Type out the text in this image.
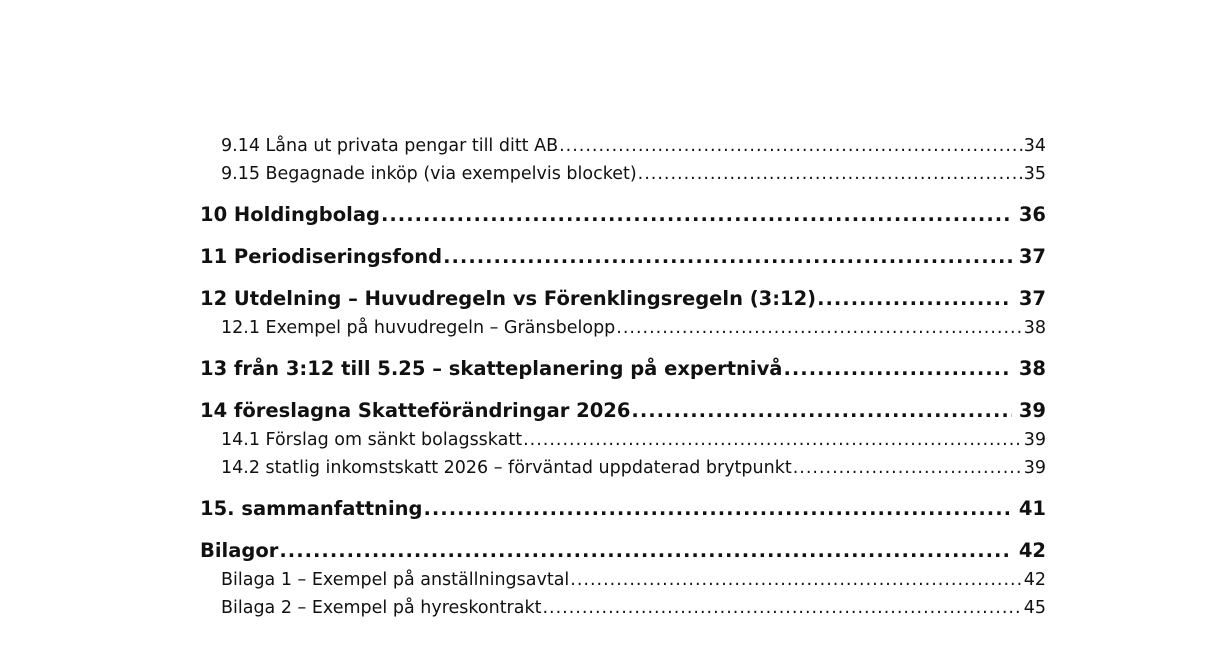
9.14 Låna ut privata pengar till ditt AB .....	34
9.15 Begagnade inköp (via exempelvis blocket) .....	35
10 Holdingbolag .....	36
11 Periodiseringsfond .....	37
12 Utdelning – Huvudregeln vs Förenklingsregeln (3:12) .....	37
12.1 Exempel på huvudregeln – Gränsbelopp .....	38
13 från 3:12 till 5.25 – skatteplanering på expertnivå .....	38
14 föreslagna Skatteförändringar 2026 .....	39
14.1 Förslag om sänkt bolagsskatt .....	39
14.2 statlig inkomstskatt 2026 – förväntad uppdaterad brytpunkt .....	39
15. sammanfattning .....	41
Bilagor .....	42
Bilaga 1 – Exempel på anställningsavtal .....	42
Bilaga 2 – Exempel på hyreskontrakt .....	45
